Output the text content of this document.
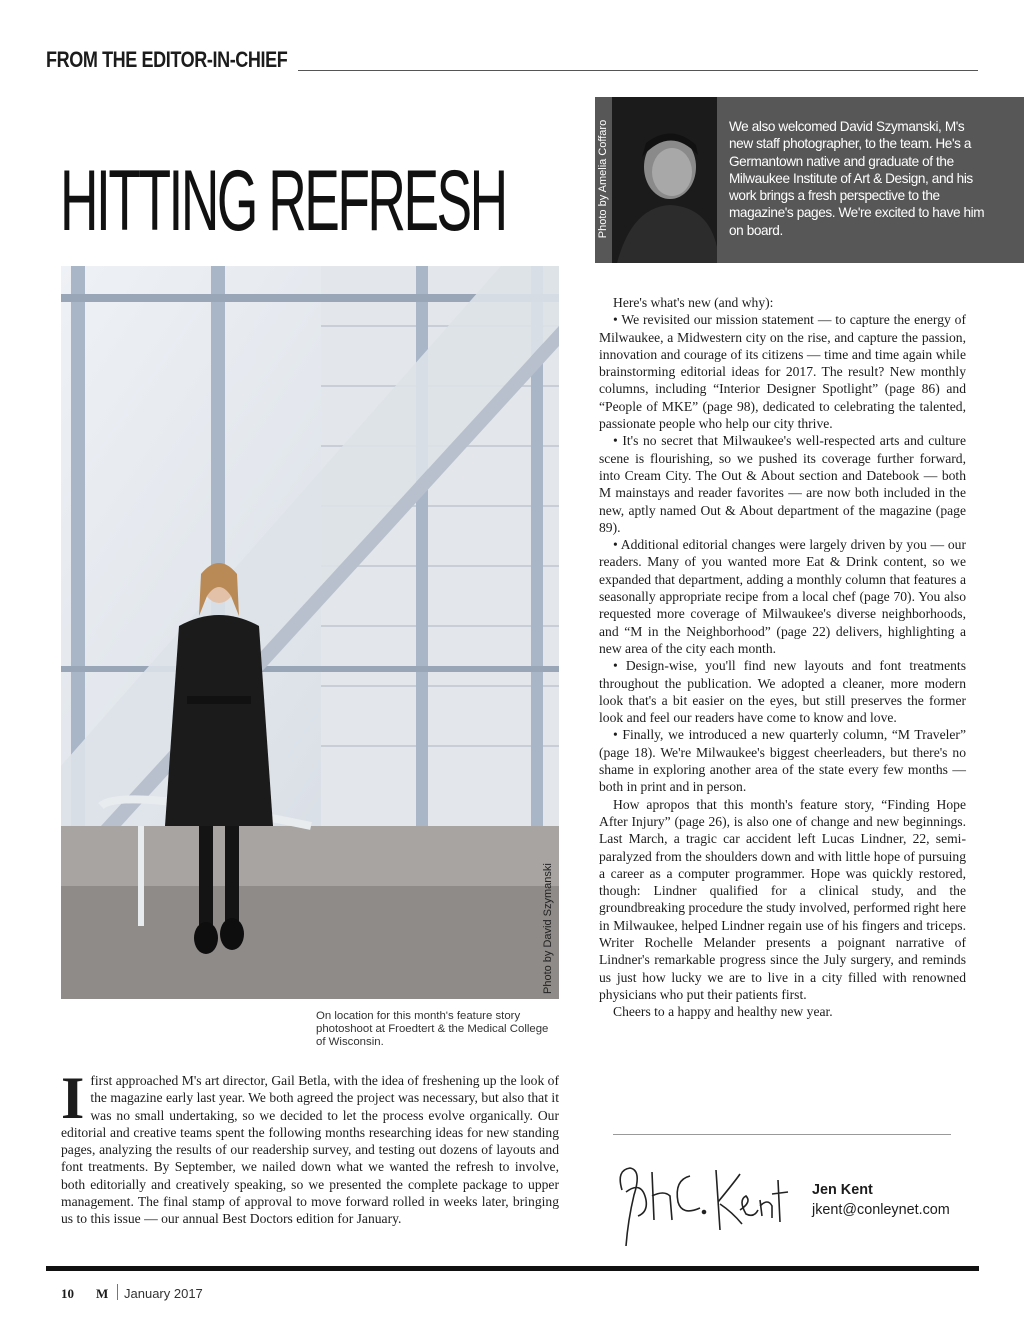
FROM THE EDITOR-IN-CHIEF
HITTING REFRESH	Photo by Amelia Coffaro	We also welcomed David Szymanski, M's new staff photographer, to the team. He's a Germantown native and graduate of the Milwaukee Institute of Art & Design, and his work brings a fresh perspective to the magazine's pages. We're excited to have him on board.
Photo by David Szymanski
On location for this month's feature story photoshoot at Froedtert & the Medical College of Wisconsin.
Ifirst approached M's art director, Gail Betla, with the idea of freshening up the look of the magazine early last year. We both agreed the project was necessary, but also that it was no small undertaking, so we decided to let the process evolve organically. Our editorial and creative teams spent the following months researching ideas for new standing pages, analyzing the results of our readership survey, and testing out dozens of layouts and font treatments. By September, we nailed down what we wanted the refresh to involve, both editorially and creatively speaking, so we presented the complete package to upper management. The final stamp of approval to move forward rolled in weeks later, bringing us to this issue — our annual Best Doctors edition for January.

Here's what's new (and why):

• We revisited our mission statement — to capture the energy of Milwaukee, a Midwestern city on the rise, and capture the passion, innovation and courage of its citizens — time and time again while brainstorming editorial ideas for 2017. The result? New monthly columns, including “Interior Designer Spotlight” (page 86) and “People of MKE” (page 98), dedicated to celebrating the talented, passionate people who help our city thrive.

• It's no secret that Milwaukee's well-respected arts and culture scene is flourishing, so we pushed its coverage further forward, into Cream City. The Out & About section and Datebook — both M mainstays and reader favorites — are now both included in the new, aptly named Out & About department of the magazine (page 89).

• Additional editorial changes were largely driven by you — our readers. Many of you wanted more Eat & Drink content, so we expanded that department, adding a monthly column that features a seasonally appropriate recipe from a local chef (page 70). You also requested more coverage of Milwaukee's diverse neighborhoods, and “M in the Neighborhood” (page 22) delivers, highlighting a new area of the city each month.

• Design-wise, you'll find new layouts and font treatments throughout the publication. We adopted a cleaner, more modern look that's a bit easier on the eyes, but still preserves the former look and feel our readers have come to know and love.

• Finally, we introduced a new quarterly column, “M Traveler” (page 18). We're Milwaukee's biggest cheerleaders, but there's no shame in exploring another area of the state every few months — both in print and in person.

How apropos that this month's feature story, “Finding Hope After Injury” (page 26), is also one of change and new beginnings. Last March, a tragic car accident left Lucas Lindner, 22, semi-paralyzed from the shoulders down and with little hope of pursuing a career as a computer programmer. Hope was quickly restored, though: Lindner qualified for a clinical study, and the groundbreaking procedure the study involved, performed right here in Milwaukee, helped Lindner regain use of his fingers and triceps. Writer Rochelle Melander presents a poignant narrative of Lindner's remarkable progress since the July surgery, and reminds us just how lucky we are to live in a city filled with renowned physicians who put their patients first.

Cheers to a happy and healthy new year.

Jen Kent
jkent@conleynet.com
10 M January 2017
